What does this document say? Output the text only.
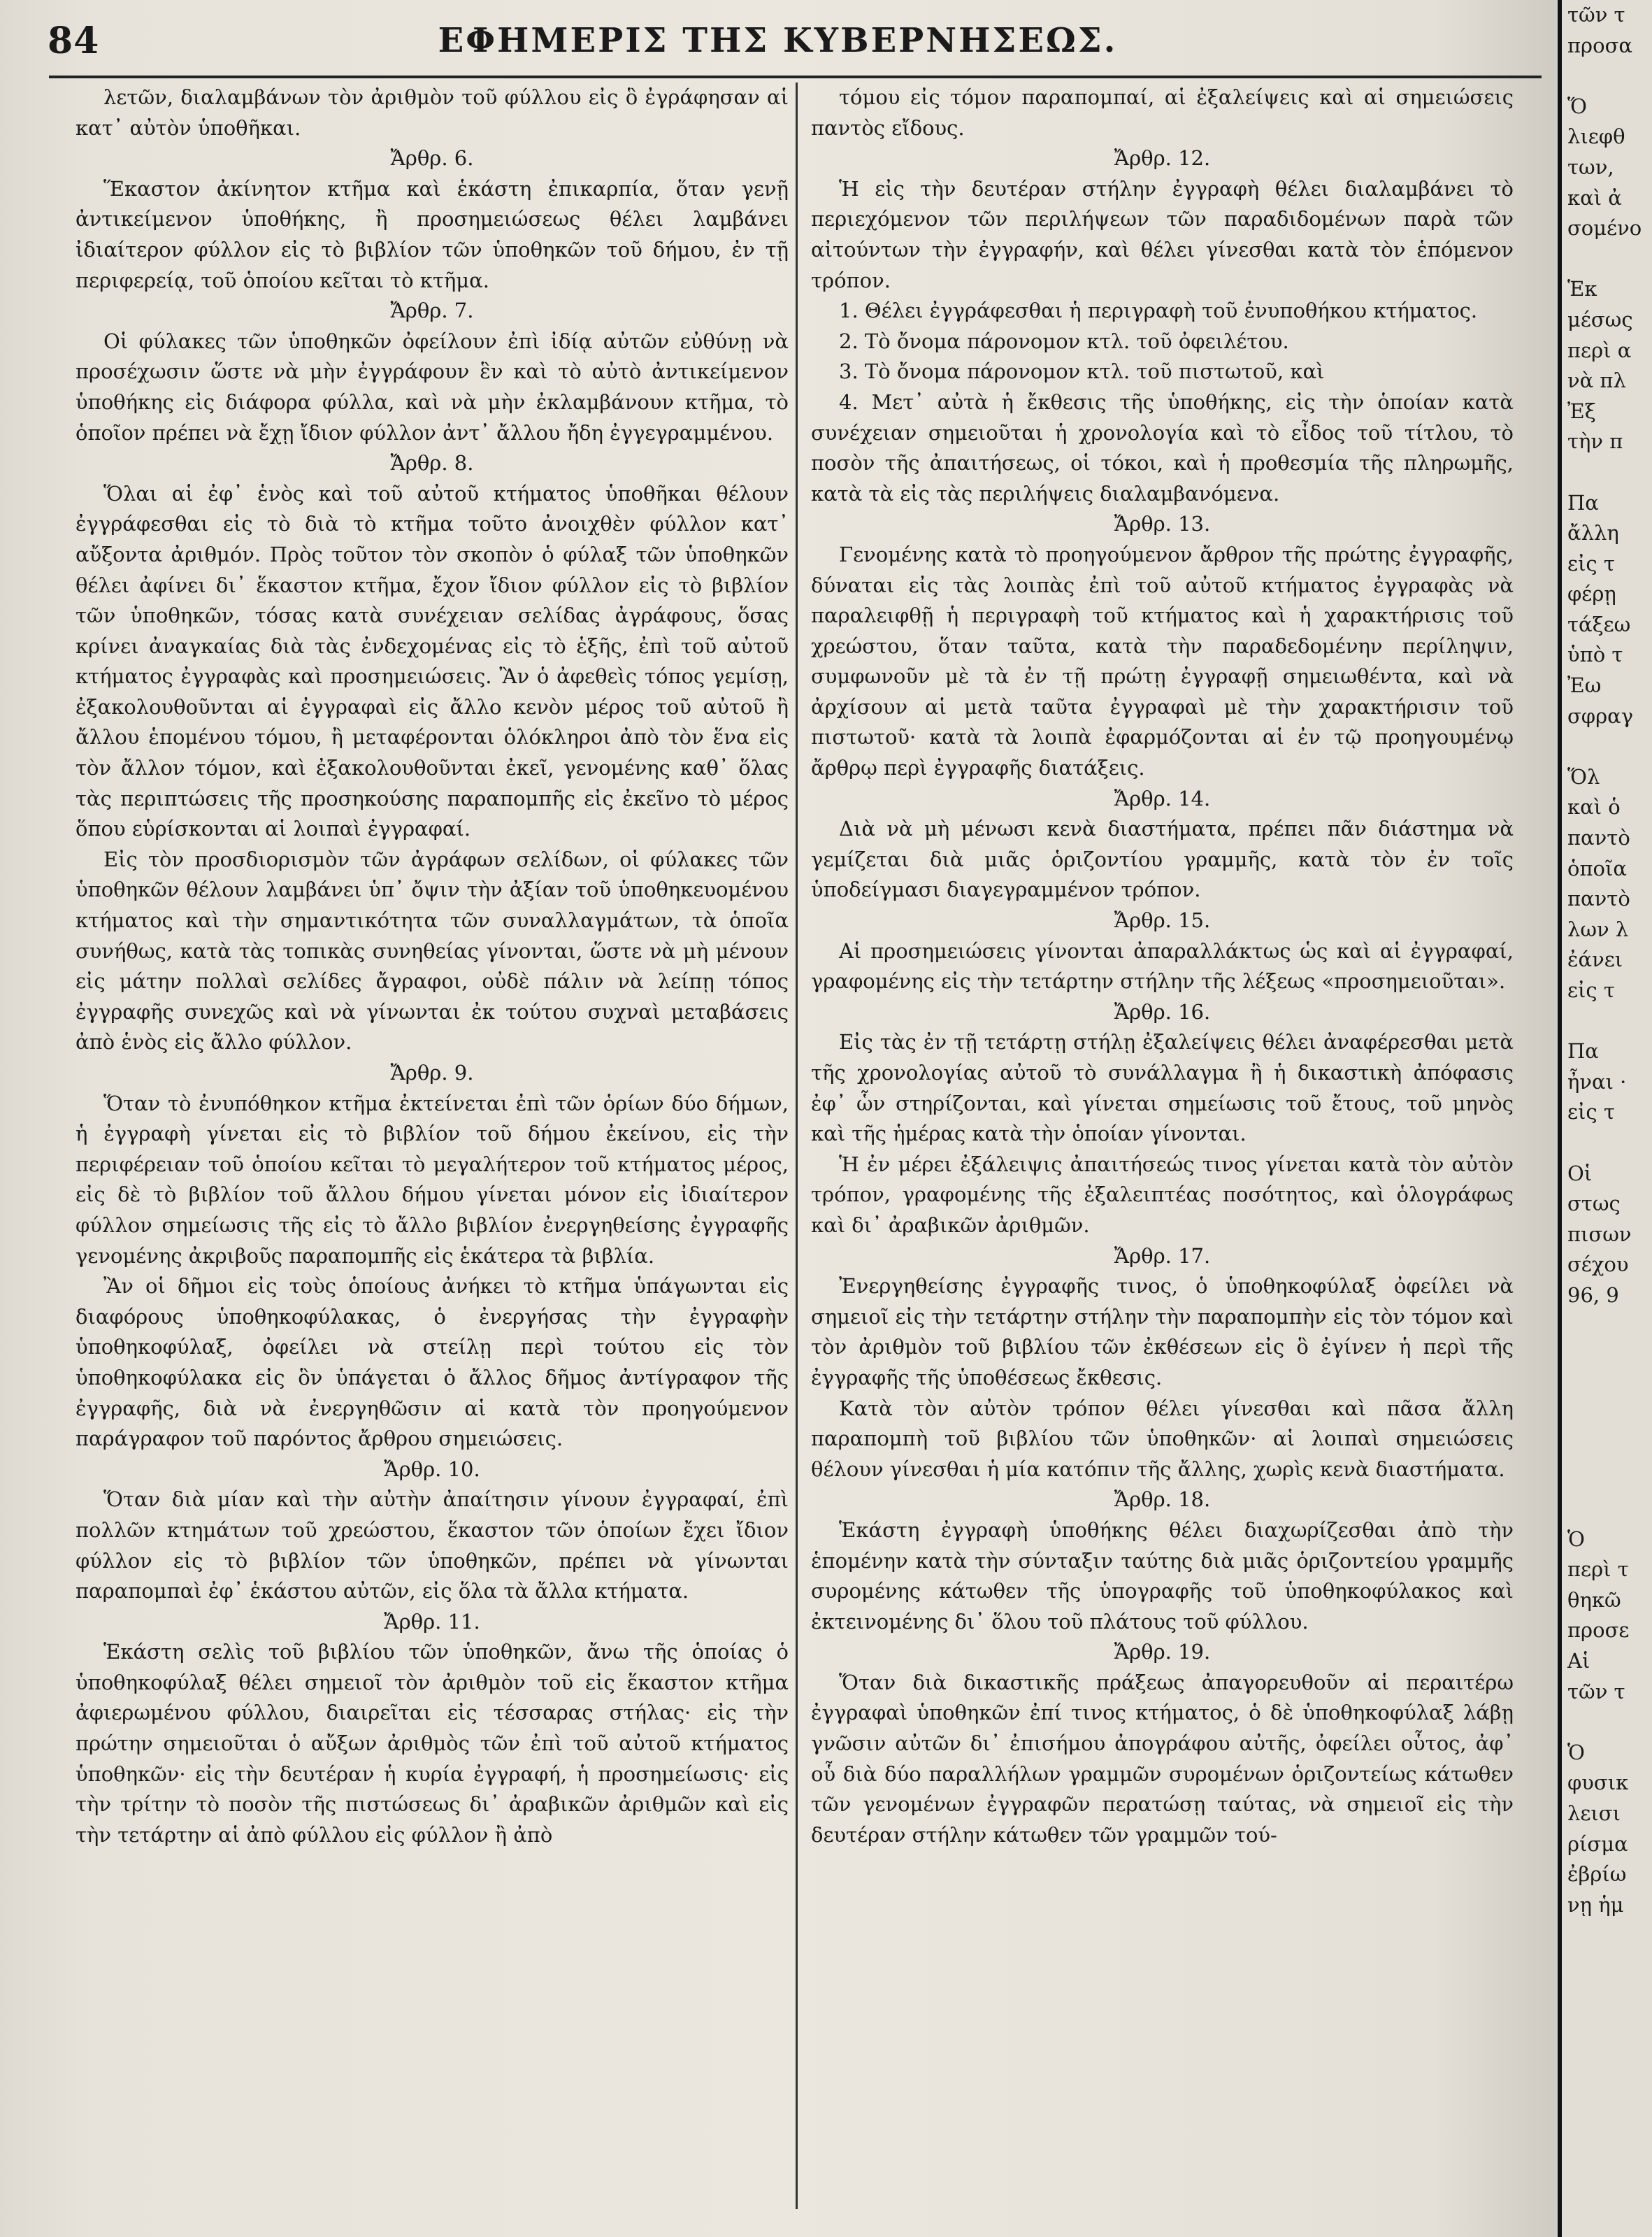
84	ΕΦΗΜΕΡΙΣ ΤΗΣ ΚΥΒΕΡΝΗΣΕΩΣ.

λετῶν, διαλαμβάνων τὸν ἀριθμὸν τοῦ φύλλου εἰς ὃ ἐγράφησαν αἱ κατ᾽ αὐτὸν ὑποθῆκαι.

Ἄρθρ. 6.

Ἕκαστον ἀκίνητον κτῆμα καὶ ἑκάστη ἐπικαρπία, ὅταν γενῇ ἀντικείμενον ὑποθήκης, ἢ προσημειώσεως θέλει λαμβάνει ἰδιαίτερον φύλλον εἰς τὸ βιβλίον τῶν ὑποθηκῶν τοῦ δήμου, ἐν τῇ περιφερείᾳ, τοῦ ὁποίου κεῖται τὸ κτῆμα.

Ἄρθρ. 7.

Οἱ φύλακες τῶν ὑποθηκῶν ὀφείλουν ἐπὶ ἰδίᾳ αὐτῶν εὐθύνῃ νὰ προσέχωσιν ὥστε νὰ μὴν ἐγγράφουν ἓν καὶ τὸ αὐτὸ ἀντικείμενον ὑποθήκης εἰς διάφορα φύλλα, καὶ νὰ μὴν ἐκλαμβάνουν κτῆμα, τὸ ὁποῖον πρέπει νὰ ἔχῃ ἴδιον φύλλον ἀντ᾽ ἄλλου ἤδη ἐγγεγραμμένου.

Ἄρθρ. 8.

Ὅλαι αἱ ἐφ᾽ ἑνὸς καὶ τοῦ αὐτοῦ κτήματος ὑποθῆκαι θέλουν ἐγγράφεσθαι εἰς τὸ διὰ τὸ κτῆμα τοῦτο ἀνοιχθὲν φύλλον κατ᾽ αὔξοντα ἀριθμόν. Πρὸς τοῦτον τὸν σκοπὸν ὁ φύλαξ τῶν ὑποθηκῶν θέλει ἀφίνει δι᾽ ἕκαστον κτῆμα, ἔχον ἴδιον φύλλον εἰς τὸ βιβλίον τῶν ὑποθηκῶν, τόσας κατὰ συνέχειαν σελίδας ἀγράφους, ὅσας κρίνει ἀναγκαίας διὰ τὰς ἐνδεχομένας εἰς τὸ ἑξῆς, ἐπὶ τοῦ αὐτοῦ κτήματος ἐγγραφὰς καὶ προσημειώσεις. Ἂν ὁ ἀφεθεὶς τόπος γεμίσῃ, ἐξακολουθοῦνται αἱ ἐγγραφαὶ εἰς ἄλλο κενὸν μέρος τοῦ αὐτοῦ ἢ ἄλλου ἑπομένου τόμου, ἢ μεταφέρονται ὁλόκληροι ἀπὸ τὸν ἕνα εἰς τὸν ἄλλον τόμον, καὶ ἐξακολουθοῦνται ἐκεῖ, γενομένης καθ᾽ ὅλας τὰς περιπτώσεις τῆς προσηκούσης παραπομπῆς εἰς ἐκεῖνο τὸ μέρος ὅπου εὑρίσκονται αἱ λοιπαὶ ἐγγραφαί.

Εἰς τὸν προσδιορισμὸν τῶν ἀγράφων σελίδων, οἱ φύλακες τῶν ὑποθηκῶν θέλουν λαμβάνει ὑπ᾽ ὄψιν τὴν ἀξίαν τοῦ ὑποθηκευομένου κτήματος καὶ τὴν σημαντικότητα τῶν συναλλαγμάτων, τὰ ὁποῖα συνήθως, κατὰ τὰς τοπικὰς συνηθείας γίνονται, ὥστε νὰ μὴ μένουν εἰς μάτην πολλαὶ σελίδες ἄγραφοι, οὐδὲ πάλιν νὰ λείπῃ τόπος ἐγγραφῆς συνεχῶς καὶ νὰ γίνωνται ἐκ τούτου συχναὶ μεταβάσεις ἀπὸ ἑνὸς εἰς ἄλλο φύλλον.

Ἄρθρ. 9.

Ὅταν τὸ ἐνυπόθηκον κτῆμα ἐκτείνεται ἐπὶ τῶν ὁρίων δύο δήμων, ἡ ἐγγραφὴ γίνεται εἰς τὸ βιβλίον τοῦ δήμου ἐκείνου, εἰς τὴν περιφέρειαν τοῦ ὁποίου κεῖται τὸ μεγαλήτερον τοῦ κτήματος μέρος, εἰς δὲ τὸ βιβλίον τοῦ ἄλλου δήμου γίνεται μόνον εἰς ἰδιαίτερον φύλλον σημείωσις τῆς εἰς τὸ ἄλλο βιβλίον ἐνεργηθείσης ἐγγραφῆς γενομένης ἀκριβοῦς παραπομπῆς εἰς ἑκάτερα τὰ βιβλία.

Ἂν οἱ δῆμοι εἰς τοὺς ὁποίους ἀνήκει τὸ κτῆμα ὑπάγωνται εἰς διαφόρους ὑποθηκοφύλακας, ὁ ἐνεργήσας τὴν ἐγγραφὴν ὑποθηκοφύλαξ, ὀφείλει νὰ στείλῃ περὶ τούτου εἰς τὸν ὑποθηκοφύλακα εἰς ὃν ὑπάγεται ὁ ἄλλος δῆμος ἀντίγραφον τῆς ἐγγραφῆς, διὰ νὰ ἐνεργηθῶσιν αἱ κατὰ τὸν προηγούμενον παράγραφον τοῦ παρόντος ἄρθρου σημειώσεις.

Ἄρθρ. 10.

Ὅταν διὰ μίαν καὶ τὴν αὐτὴν ἀπαίτησιν γίνουν ἐγγραφαί, ἐπὶ πολλῶν κτημάτων τοῦ χρεώστου, ἕκαστον τῶν ὁποίων ἔχει ἴδιον φύλλον εἰς τὸ βιβλίον τῶν ὑποθηκῶν, πρέπει νὰ γίνωνται παραπομπαὶ ἐφ᾽ ἑκάστου αὐτῶν, εἰς ὅλα τὰ ἄλλα κτήματα.

Ἄρθρ. 11.

Ἑκάστη σελὶς τοῦ βιβλίου τῶν ὑποθηκῶν, ἄνω τῆς ὁποίας ὁ ὑποθηκοφύλαξ θέλει σημειοῖ τὸν ἀριθμὸν τοῦ εἰς ἕκαστον κτῆμα ἀφιερωμένου φύλλου, διαιρεῖται εἰς τέσσαρας στήλας· εἰς τὴν πρώτην σημειοῦται ὁ αὔξων ἀριθμὸς τῶν ἐπὶ τοῦ αὐτοῦ κτήματος ὑποθηκῶν· εἰς τὴν δευτέραν ἡ κυρία ἐγγραφή, ἡ προσημείωσις· εἰς τὴν τρίτην τὸ ποσὸν τῆς πιστώσεως δι᾽ ἀραβικῶν ἀριθμῶν καὶ εἰς τὴν τετάρτην αἱ ἀπὸ φύλλου εἰς φύλλον ἢ ἀπὸ

τόμου εἰς τόμον παραπομπαί, αἱ ἐξαλείψεις καὶ αἱ σημειώσεις παντὸς εἴδους.

Ἄρθρ. 12.

Ἡ εἰς τὴν δευτέραν στήλην ἐγγραφὴ θέλει διαλαμβάνει τὸ περιεχόμενον τῶν περιλήψεων τῶν παραδιδομένων παρὰ τῶν αἰτούντων τὴν ἐγγραφήν, καὶ θέλει γίνεσθαι κατὰ τὸν ἑπόμενον τρόπον.

1. Θέλει ἐγγράφεσθαι ἡ περιγραφὴ τοῦ ἐνυποθήκου κτήματος.

2. Τὸ ὄνομα πάρονομον κτλ. τοῦ ὀφειλέτου.

3. Τὸ ὄνομα πάρονομον κτλ. τοῦ πιστωτοῦ, καὶ

4. Μετ᾽ αὐτὰ ἡ ἔκθεσις τῆς ὑποθήκης, εἰς τὴν ὁποίαν κατὰ συνέχειαν σημειοῦται ἡ χρονολογία καὶ τὸ εἶδος τοῦ τίτλου, τὸ ποσὸν τῆς ἀπαιτήσεως, οἱ τόκοι, καὶ ἡ προθεσμία τῆς πληρωμῆς, κατὰ τὰ εἰς τὰς περιλήψεις διαλαμβανόμενα.

Ἄρθρ. 13.

Γενομένης κατὰ τὸ προηγούμενον ἄρθρον τῆς πρώτης ἐγγραφῆς, δύναται εἰς τὰς λοιπὰς ἐπὶ τοῦ αὐτοῦ κτήματος ἐγγραφὰς νὰ παραλειφθῇ ἡ περιγραφὴ τοῦ κτήματος καὶ ἡ χαρακτήρισις τοῦ χρεώστου, ὅταν ταῦτα, κατὰ τὴν παραδεδομένην περίληψιν, συμφωνοῦν μὲ τὰ ἐν τῇ πρώτῃ ἐγγραφῇ σημειωθέντα, καὶ νὰ ἀρχίσουν αἱ μετὰ ταῦτα ἐγγραφαὶ μὲ τὴν χαρακτήρισιν τοῦ πιστωτοῦ· κατὰ τὰ λοιπὰ ἐφαρμόζονται αἱ ἐν τῷ προηγουμένῳ ἄρθρῳ περὶ ἐγγραφῆς διατάξεις.

Ἄρθρ. 14.

Διὰ νὰ μὴ μένωσι κενὰ διαστήματα, πρέπει πᾶν διάστημα νὰ γεμίζεται διὰ μιᾶς ὁριζοντίου γραμμῆς, κατὰ τὸν ἐν τοῖς ὑποδείγμασι διαγεγραμμένον τρόπον.

Ἄρθρ. 15.

Αἱ προσημειώσεις γίνονται ἀπαραλλάκτως ὡς καὶ αἱ ἐγγραφαί, γραφομένης εἰς τὴν τετάρτην στήλην τῆς λέξεως «προσημειοῦται».

Ἄρθρ. 16.

Εἰς τὰς ἐν τῇ τετάρτῃ στήλῃ ἐξαλείψεις θέλει ἀναφέρεσθαι μετὰ τῆς χρονολογίας αὐτοῦ τὸ συνάλλαγμα ἢ ἡ δικαστικὴ ἀπόφασις ἐφ᾽ ὧν στηρίζονται, καὶ γίνεται σημείωσις τοῦ ἔτους, τοῦ μηνὸς καὶ τῆς ἡμέρας κατὰ τὴν ὁποίαν γίνονται.

Ἡ ἐν μέρει ἐξάλειψις ἀπαιτήσεώς τινος γίνεται κατὰ τὸν αὐτὸν τρόπον, γραφομένης τῆς ἐξαλειπτέας ποσότητος, καὶ ὁλογράφως καὶ δι᾽ ἀραβικῶν ἀριθμῶν.

Ἄρθρ. 17.

Ἐνεργηθείσης ἐγγραφῆς τινος, ὁ ὑποθηκοφύλαξ ὀφείλει νὰ σημειοῖ εἰς τὴν τετάρτην στήλην τὴν παραπομπὴν εἰς τὸν τόμον καὶ τὸν ἀριθμὸν τοῦ βιβλίου τῶν ἐκθέσεων εἰς ὃ ἐγίνεν ἡ περὶ τῆς ἐγγραφῆς τῆς ὑποθέσεως ἔκθεσις.

Κατὰ τὸν αὐτὸν τρόπον θέλει γίνεσθαι καὶ πᾶσα ἄλλη παραπομπὴ τοῦ βιβλίου τῶν ὑποθηκῶν· αἱ λοιπαὶ σημειώσεις θέλουν γίνεσθαι ἡ μία κατόπιν τῆς ἄλλης, χωρὶς κενὰ διαστήματα.

Ἄρθρ. 18.

Ἑκάστη ἐγγραφὴ ὑποθήκης θέλει διαχωρίζεσθαι ἀπὸ τὴν ἑπομένην κατὰ τὴν σύνταξιν ταύτης διὰ μιᾶς ὁριζοντείου γραμμῆς συρομένης κάτωθεν τῆς ὑπογραφῆς τοῦ ὑποθηκοφύλακος καὶ ἐκτεινομένης δι᾽ ὅλου τοῦ πλάτους τοῦ φύλλου.

Ἄρθρ. 19.

Ὅταν διὰ δικαστικῆς πράξεως ἀπαγορευθοῦν αἱ περαιτέρω ἐγγραφαὶ ὑποθηκῶν ἐπί τινος κτήματος, ὁ δὲ ὑποθηκοφύλαξ λάβῃ γνῶσιν αὐτῶν δι᾽ ἐπισήμου ἀπογράφου αὐτῆς, ὀφείλει οὗτος, ἀφ᾽ οὗ διὰ δύο παραλλήλων γραμμῶν συρομένων ὁριζοντείως κάτωθεν τῶν γενομένων ἐγγραφῶν περατώσῃ ταύτας, νὰ σημειοῖ εἰς τὴν δευτέραν στήλην κάτωθεν τῶν γραμμῶν τού-

τῶν τ
προσα
Ὅ
λιεφθ
των,
καὶ ἀ
σομένο
Ἑκ
μέσως
περὶ α
νὰ πλ
Ἐξ
τὴν π
Πα
ἄλλη
εἰς τ
φέρῃ
τάξεω
ὑπὸ τ
Ἐω
σφραγ
Ὅλ
καὶ ὁ
παντὸ
ὁποῖα
παντὸ
λων λ
ἐάνει
εἰς τ
Πα
ἦναι ·
εἰς τ
Οἱ
στως
πισων
σέχου
96, 9
Ὁ
περὶ τ
θηκῶ
προσε
Αἱ
τῶν τ
Ὁ
φυσικ
λεισι
ρίσμα
ἐβρίω
νῃ ἡμ
